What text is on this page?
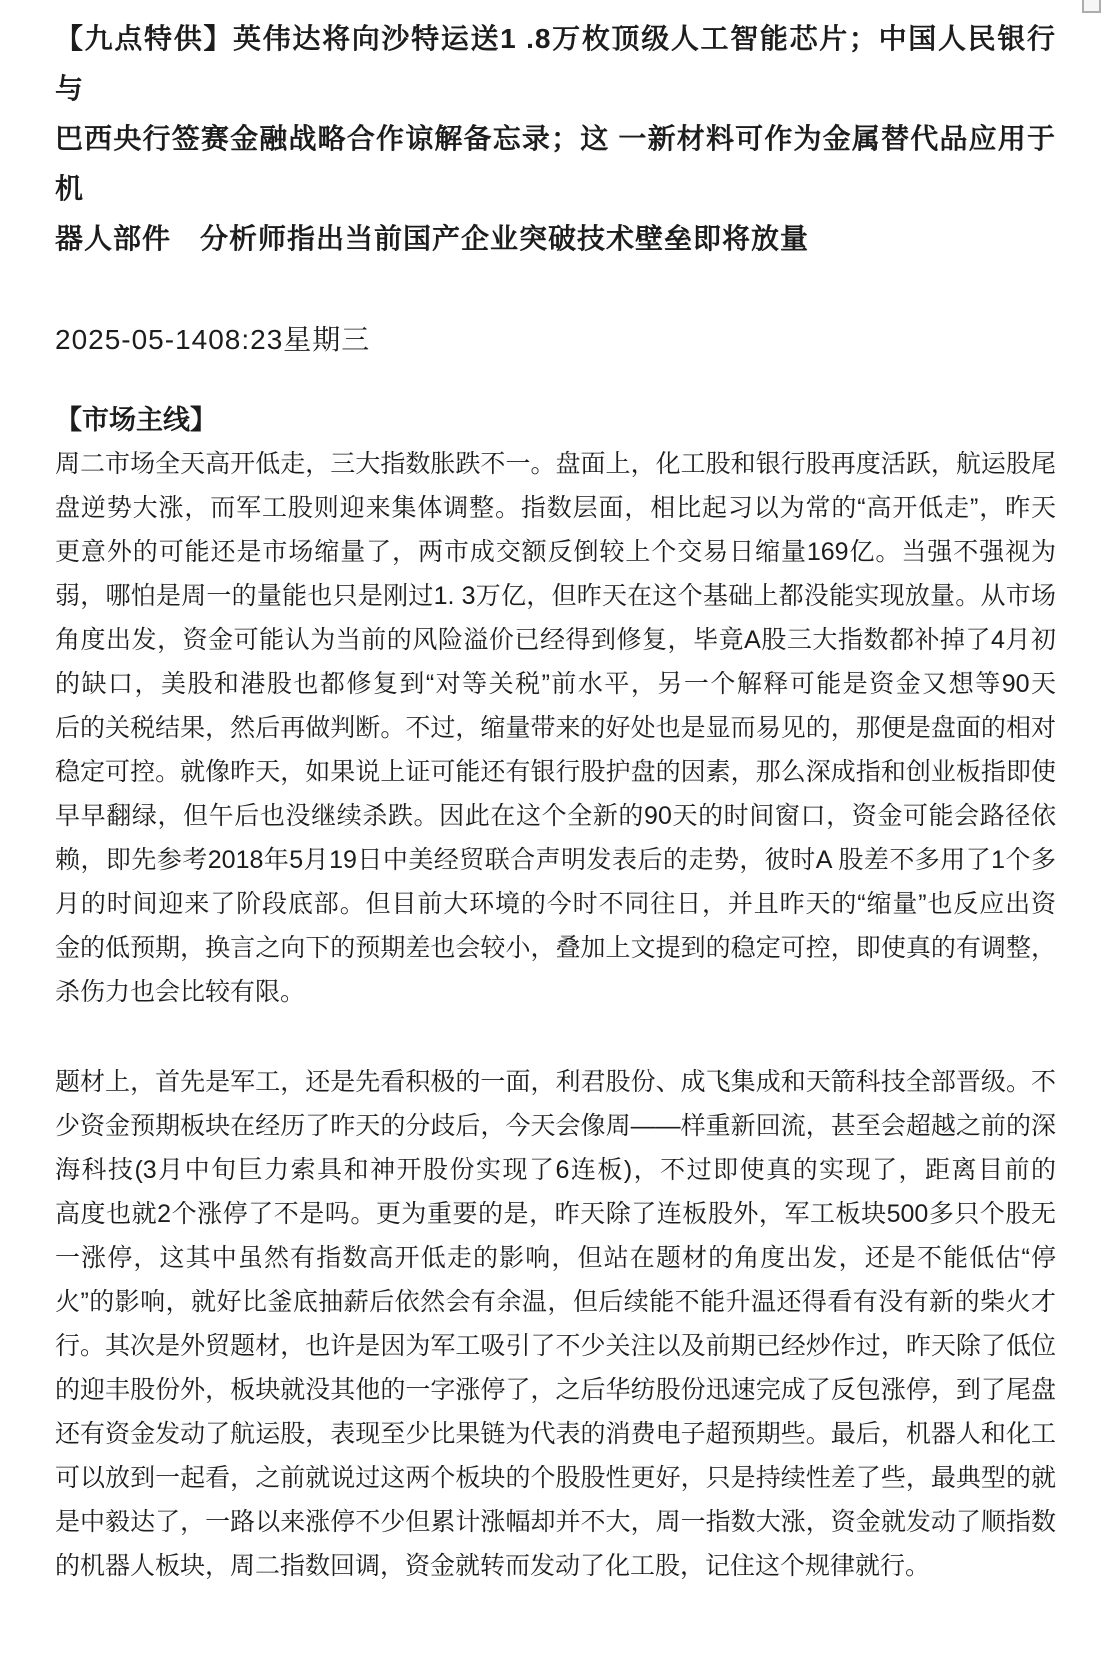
【九点特供】英伟达将向沙特运送1 .8万枚顶级人工智能芯片；中国人民银行与
巴西央行签赛金融战略合作谅解备忘录；这 一新材料可作为金属替代品应用于机
器人部件　分析师指出当前国产企业突破技术壁垒即将放量
2025-05-1408:23星期三
【市场主线】
周二市场全天高开低走，三大指数胀跌不一。盘面上，化工股和银行股再度活跃，航运股尾
盘逆势大涨，而军工股则迎来集体调整。指数层面，相比起习以为常的“高开低走”，昨天
更意外的可能还是市场缩量了，两市成交额反倒较上个交易日缩量169亿。当强不强视为
弱，哪怕是周一的量能也只是刚过1. 3万亿，但昨天在这个基础上都没能实现放量。从市场
角度出发，资金可能认为当前的风险溢价已经得到修复，毕竟A股三大指数都补掉了4月初
的缺口，美股和港股也都修复到“对等关税”前水平，另一个解释可能是资金又想等90天
后的关税结果，然后再做判断。不过，缩量带来的好处也是显而易见的，那便是盘面的相对
稳定可控。就像昨天，如果说上证可能还有银行股护盘的因素，那么深成指和创业板指即使
早早翻绿，但午后也没继续杀跌。因此在这个全新的90天的时间窗口，资金可能会路径依
赖，即先参考2018年5月19日中美经贸联合声明发表后的走势，彼时A 股差不多用了1个多
月的时间迎来了阶段底部。但目前大环境的今时不同往日，并且昨天的“缩量”也反应出资
金的低预期，换言之向下的预期差也会较小，叠加上文提到的稳定可控，即使真的有调整，
杀伤力也会比较有限。
题材上，首先是军工，还是先看积极的一面，利君股份、成飞集成和天箭科技全部晋级。不
少资金预期板块在经历了昨天的分歧后，今天会像周——样重新回流，甚至会超越之前的深
海科技(3月中旬巨力索具和神开股份实现了6连板)，不过即使真的实现了，距离目前的
高度也就2个涨停了不是吗。更为重要的是，昨天除了连板股外，军工板块500多只个股无
一涨停，这其中虽然有指数高开低走的影响，但站在题材的角度出发，还是不能低估“停
火”的影响，就好比釜底抽薪后依然会有余温，但后续能不能升温还得看有没有新的柴火才
行。其次是外贸题材，也许是因为军工吸引了不少关注以及前期已经炒作过，昨天除了低位
的迎丰股份外，板块就没其他的一字涨停了，之后华纺股份迅速完成了反包涨停，到了尾盘
还有资金发动了航运股，表现至少比果链为代表的消费电子超预期些。最后，机器人和化工
可以放到一起看，之前就说过这两个板块的个股股性更好，只是持续性差了些，最典型的就
是中毅达了，一路以来涨停不少但累计涨幅却并不大，周一指数大涨，资金就发动了顺指数
的机器人板块，周二指数回调，资金就转而发动了化工股，记住这个规律就行。
